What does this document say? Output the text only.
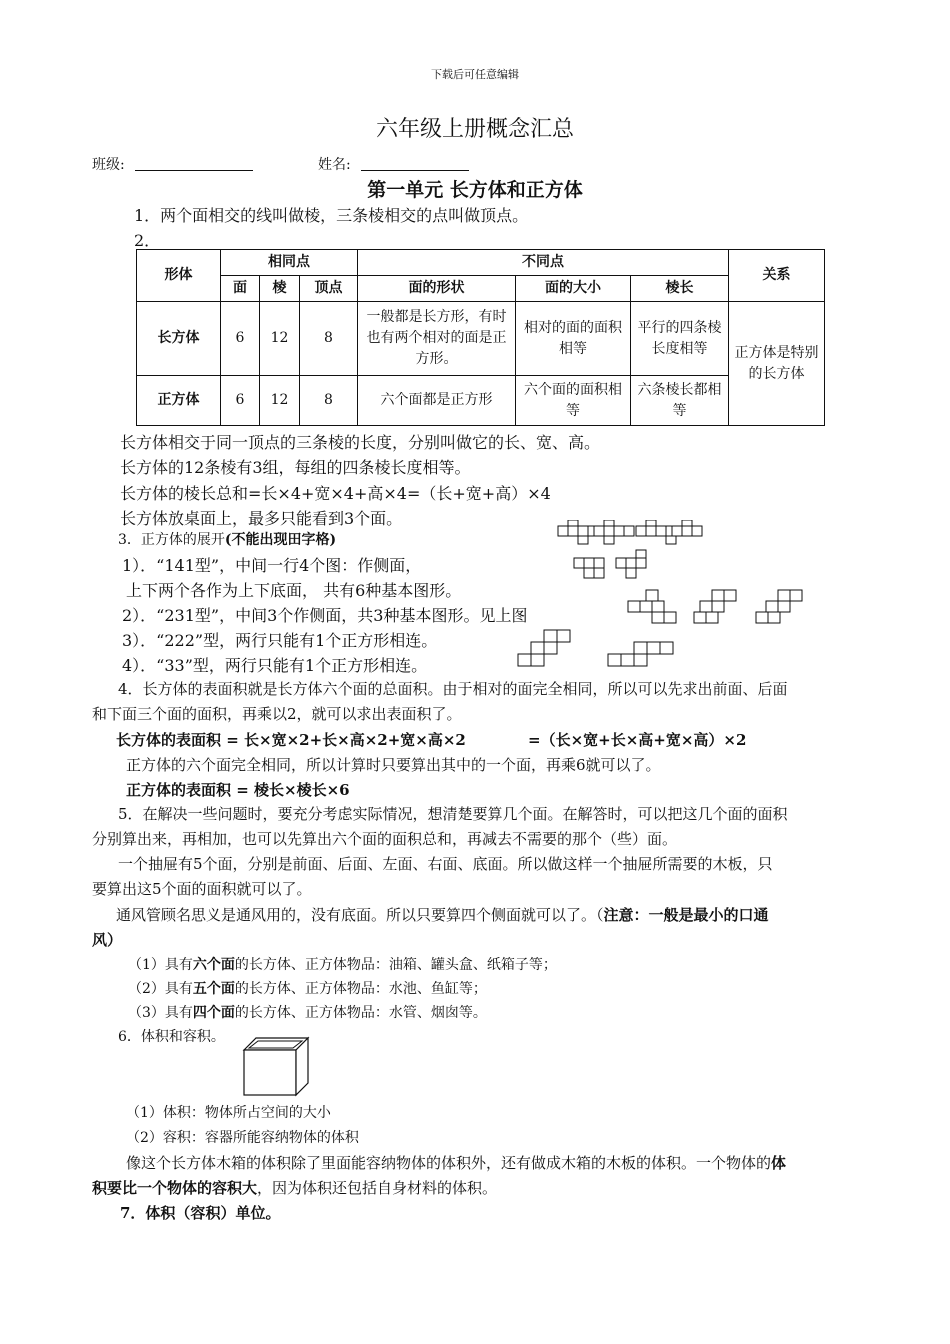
下载后可任意编辑
六年级上册概念汇总
班级:	姓名:
第一单元 长方体和正方体
1．两个面相交的线叫做棱，三条棱相交的点叫做顶点。
2．
形体	相同点			不同点			关系
	面	棱	顶点	面的形状	面的大小	棱长	
长方体	6	12	8	一般都是长方形，有时也有两个相对的面是正方形。	相对的面的面积相等	平行的四条棱长度相等	正方体是特别的长方体
正方体	6	12	8	六个面都是正方形	六个面的面积相等	六条棱长都相等	
长方体相交于同一顶点的三条棱的长度，分别叫做它的长、宽、高。
长方体的12条棱有3组，每组的四条棱长度相等。
长方体的棱长总和=长×4+宽×4+高×4=（长+宽+高）×4
长方体放桌面上，最多只能看到3个面。
3．正方体的展开(不能出现田字格)
1）．“141型”，中间一行4个图：作侧面，
上下两个各作为上下底面， 共有6种基本图形。
2）．“231型”，中间3个作侧面，共3种基本图形。见上图
3）．“222”型，两行只能有1个正方形相连。
4）．“33”型，两行只能有1个正方形相连。
4．长方体的表面积就是长方体六个面的总面积。由于相对的面完全相同，所以可以先求出前面、后面
和下面三个面的面积，再乘以2，就可以求出表面积了。
长方体的表面积 = 长×宽×2+长×高×2+宽×高×2	=（长×宽+长×高+宽×高）×2
正方体的六个面完全相同，所以计算时只要算出其中的一个面，再乘6就可以了。
正方体的表面积 = 棱长×棱长×6
5．在解决一些问题时，要充分考虑实际情况，想清楚要算几个面。在解答时，可以把这几个面的面积
分别算出来，再相加，也可以先算出六个面的面积总和，再减去不需要的那个（些）面。
一个抽屉有5个面，分别是前面、后面、左面、右面、底面。所以做这样一个抽屉所需要的木板，只
要算出这5个面的面积就可以了。
通风管顾名思义是通风用的，没有底面。所以只要算四个侧面就可以了。（注意：一般是最小的口通
风）
（1）具有六个面的长方体、正方体物品：油箱、罐头盒、纸箱子等；
（2）具有五个面的长方体、正方体物品：水池、鱼缸等；
（3）具有四个面的长方体、正方体物品：水管、烟囱等。
6．体积和容积。
（1）体积：物体所占空间的大小
（2）容积：容器所能容纳物体的体积
像这个长方体木箱的体积除了里面能容纳物体的体积外，还有做成木箱的木板的体积。一个物体的体
积要比一个物体的容积大，因为体积还包括自身材料的体积。
7．体积（容积）单位。
